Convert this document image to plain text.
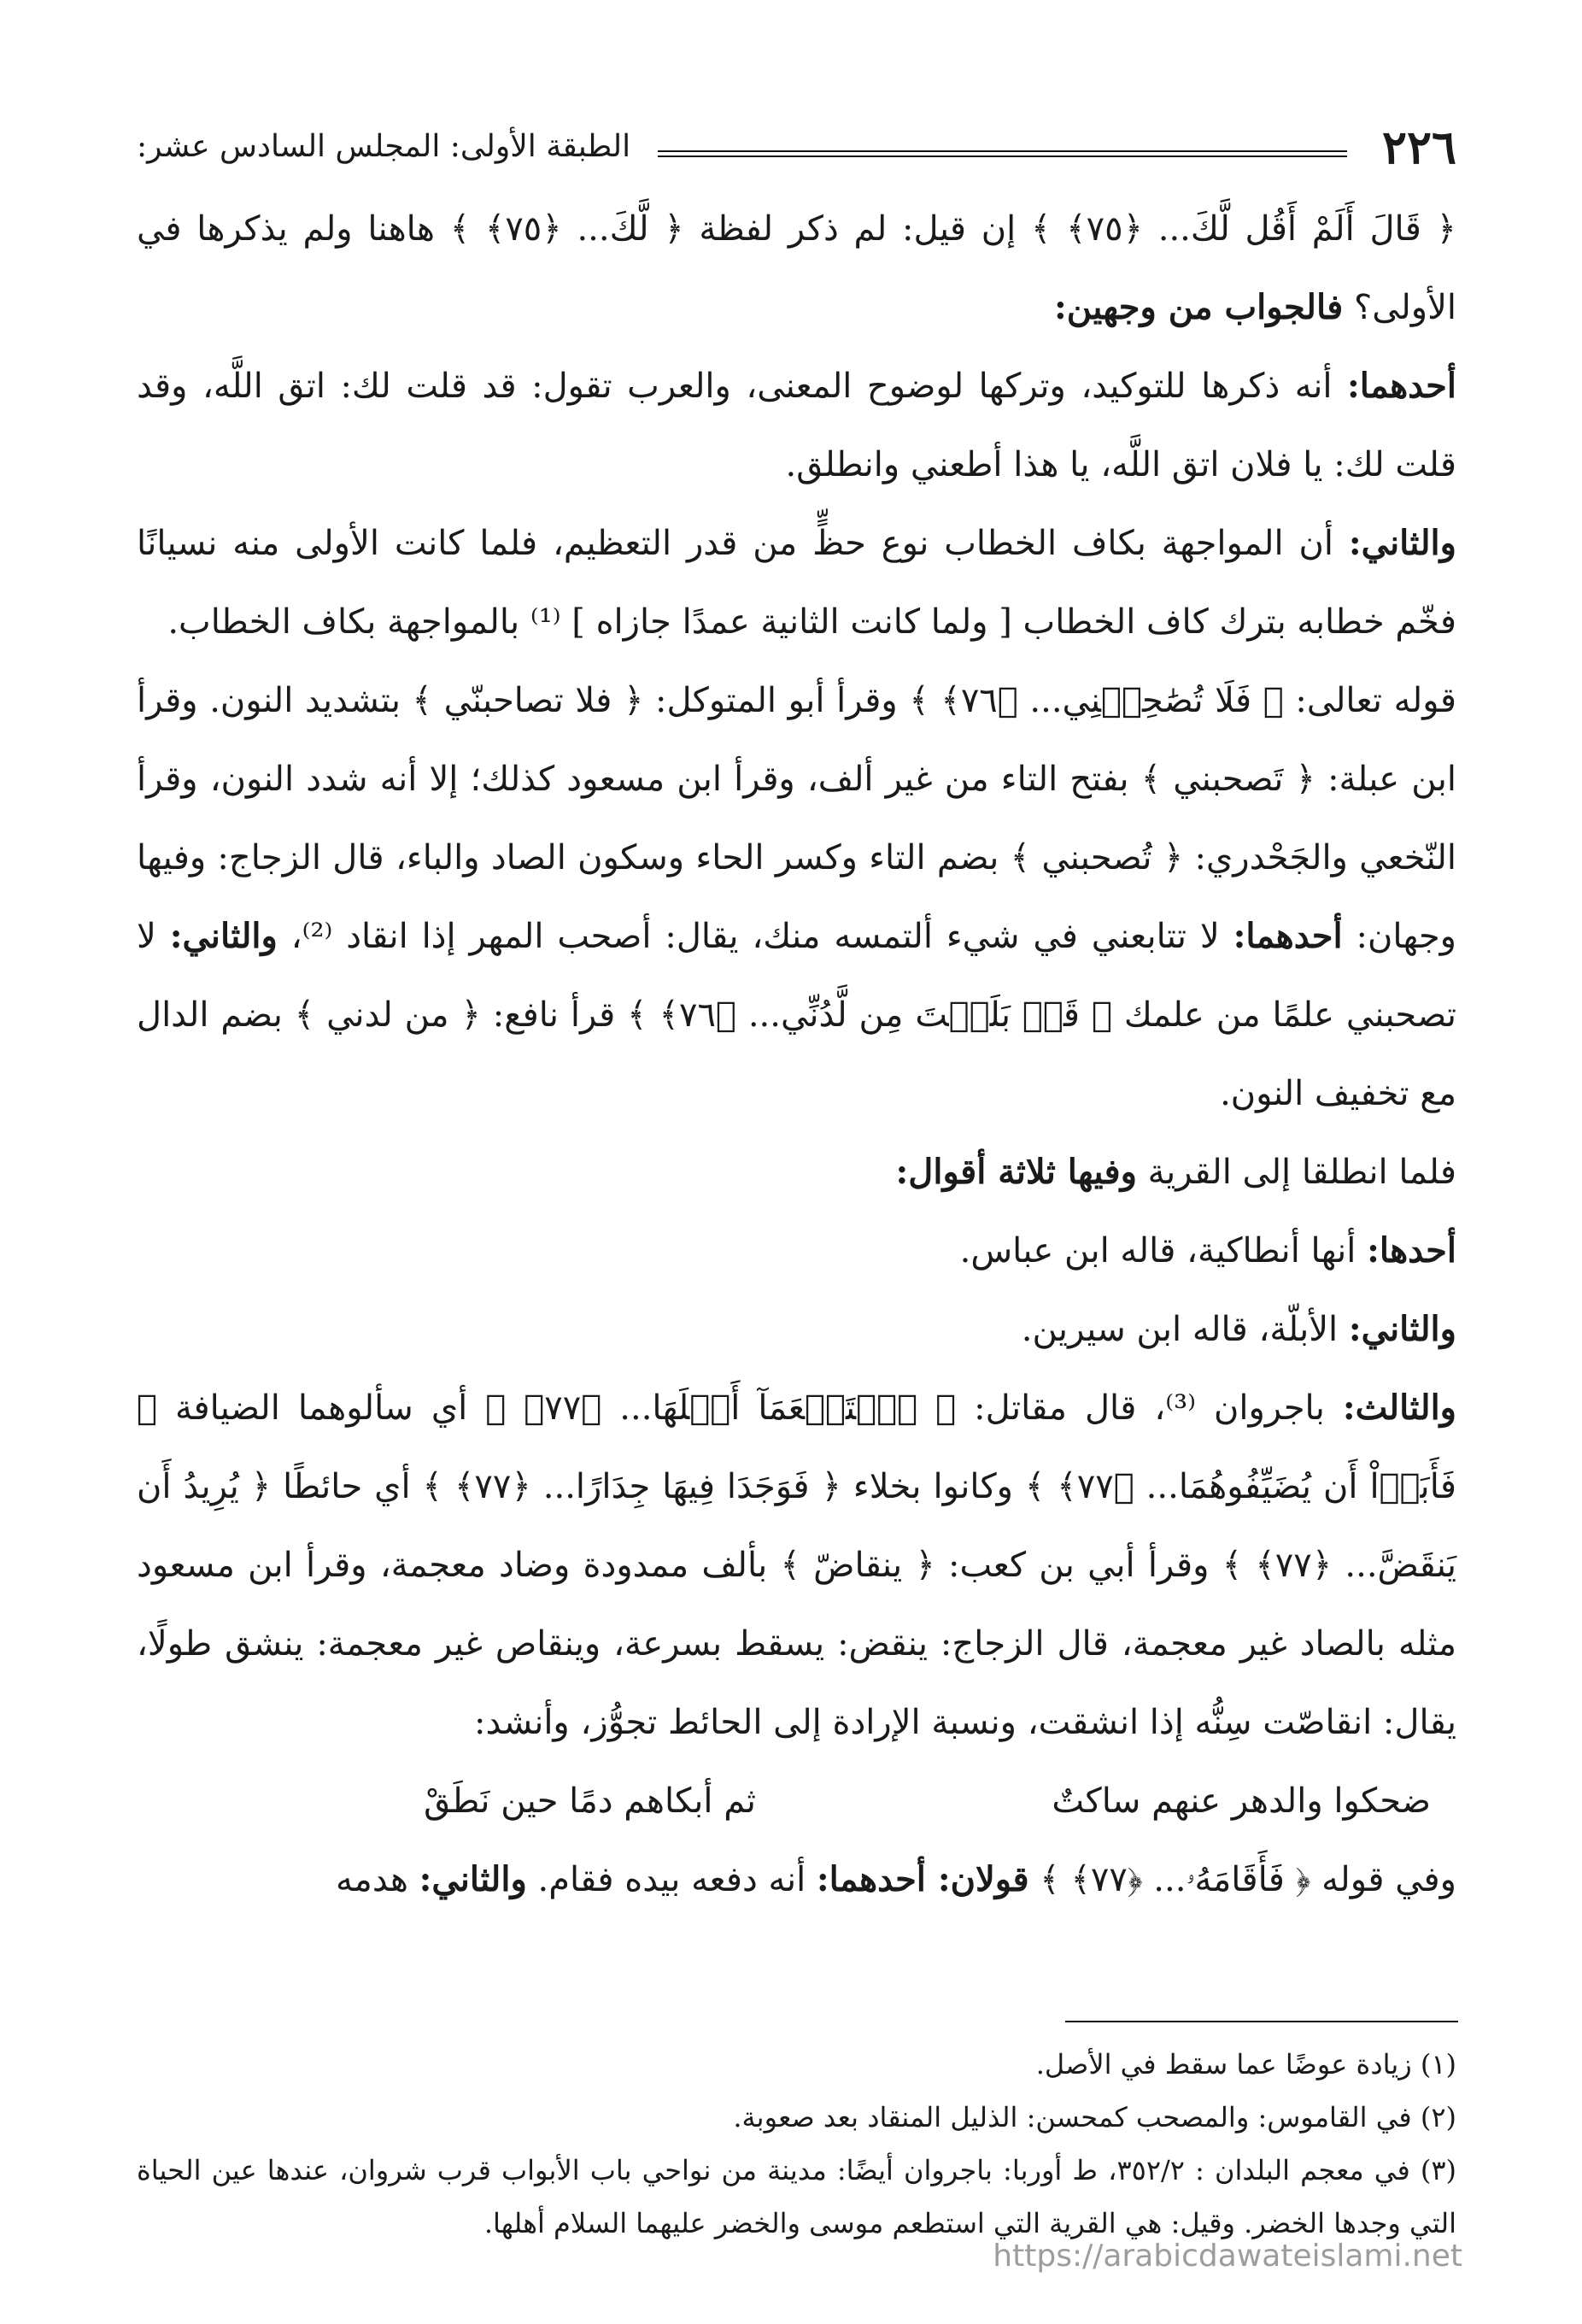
٢٢٦
الطبقة الأولى: المجلس السادس عشر:

﴿ قَالَ أَلَمْ أَقُل لَّكَ... ﴿٧٥﴾ ﴾ إن قيل: لم ذكر لفظة ﴿ لَّكَ... ﴿٧٥﴾ ﴾ هاهنا ولم يذكرها في الأولى؟ فالجواب من وجهين:

أحدهما: أنه ذكرها للتوكيد، وتركها لوضوح المعنى، والعرب تقول: قد قلت لك: اتق اللَّه، وقد قلت لك: يا فلان اتق اللَّه، يا هذا أطعني وانطلق.

والثاني: أن المواجهة بكاف الخطاب نوع حظٍّ من قدر التعظيم، فلما كانت الأولى منه نسيانًا فخّم خطابه بترك كاف الخطاب [ ولما كانت الثانية عمدًا جازاه ] ⁽¹⁾ بالمواجهة بكاف الخطاب.

قوله تعالى: ﴿ فَلَا تُصَٰحِبۡنِي... ﴿٧٦﴾ ﴾ وقرأ أبو المتوكل: ﴿ فلا تصاحبنّي ﴾ بتشديد النون. وقرأ ابن عبلة: ﴿ تَصحبني ﴾ بفتح التاء من غير ألف، وقرأ ابن مسعود كذلك؛ إلا أنه شدد النون، وقرأ النّخعي والجَحْدري: ﴿ تُصحبني ﴾ بضم التاء وكسر الحاء وسكون الصاد والباء، قال الزجاج: وفيها وجهان: أحدهما: لا تتابعني في شيء ألتمسه منك، يقال: أصحب المهر إذا انقاد ⁽²⁾، والثاني: لا تصحبني علمًا من علمك ﴿ قَدۡ بَلَغۡتَ مِن لَّدُنِّي... ﴿٧٦﴾ ﴾ قرأ نافع: ﴿ من لدني ﴾ بضم الدال مع تخفيف النون.

فلما انطلقا إلى القرية وفيها ثلاثة أقوال:

أحدها: أنها أنطاكية، قاله ابن عباس.

والثاني: الأبلّة، قاله ابن سيرين.

والثالث: باجروان ⁽³⁾، قال مقاتل: ﴿ ٱسۡتَطۡعَمَآ أَهۡلَهَا... ﴿٧٧﴾ ﴾ أي سألوهما الضيافة ﴿ فَأَبَوۡاْ أَن يُضَيِّفُوهُمَا... ﴿٧٧﴾ ﴾ وكانوا بخلاء ﴿ فَوَجَدَا فِيهَا جِدَارًا... ﴿٧٧﴾ ﴾ أي حائطًا ﴿ يُرِيدُ أَن يَنقَضَّ... ﴿٧٧﴾ ﴾ وقرأ أبي بن كعب: ﴿ ينقاضّ ﴾ بألف ممدودة وضاد معجمة، وقرأ ابن مسعود مثله بالصاد غير معجمة، قال الزجاج: ينقض: يسقط بسرعة، وينقاص غير معجمة: ينشق طولًا، يقال: انقاصّت سِنُّه إذا انشقت، ونسبة الإرادة إلى الحائط تجوُّز، وأنشد:

ضحكوا والدهر عنهم ساكتٌ
ثم أبكاهم دمًا حين نَطَقْ

وفي قوله ﴿ فَأَقَامَهُۥ... ﴿٧٧﴾ ﴾ قولان: أحدهما: أنه دفعه بيده فقام. والثاني: هدمه

(١) زيادة عوضًا عما سقط في الأصل.

(٢) في القاموس: والمصحب كمحسن: الذليل المنقاد بعد صعوبة.

(٣) في معجم البلدان : ٣٥٢/٢، ط أوربا: باجروان أيضًا: مدينة من نواحي باب الأبواب قرب شروان، عندها عين الحياة التي وجدها الخضر. وقيل: هي القرية التي استطعم موسى والخضر عليهما السلام أهلها.

https://arabicdawateislami.net
